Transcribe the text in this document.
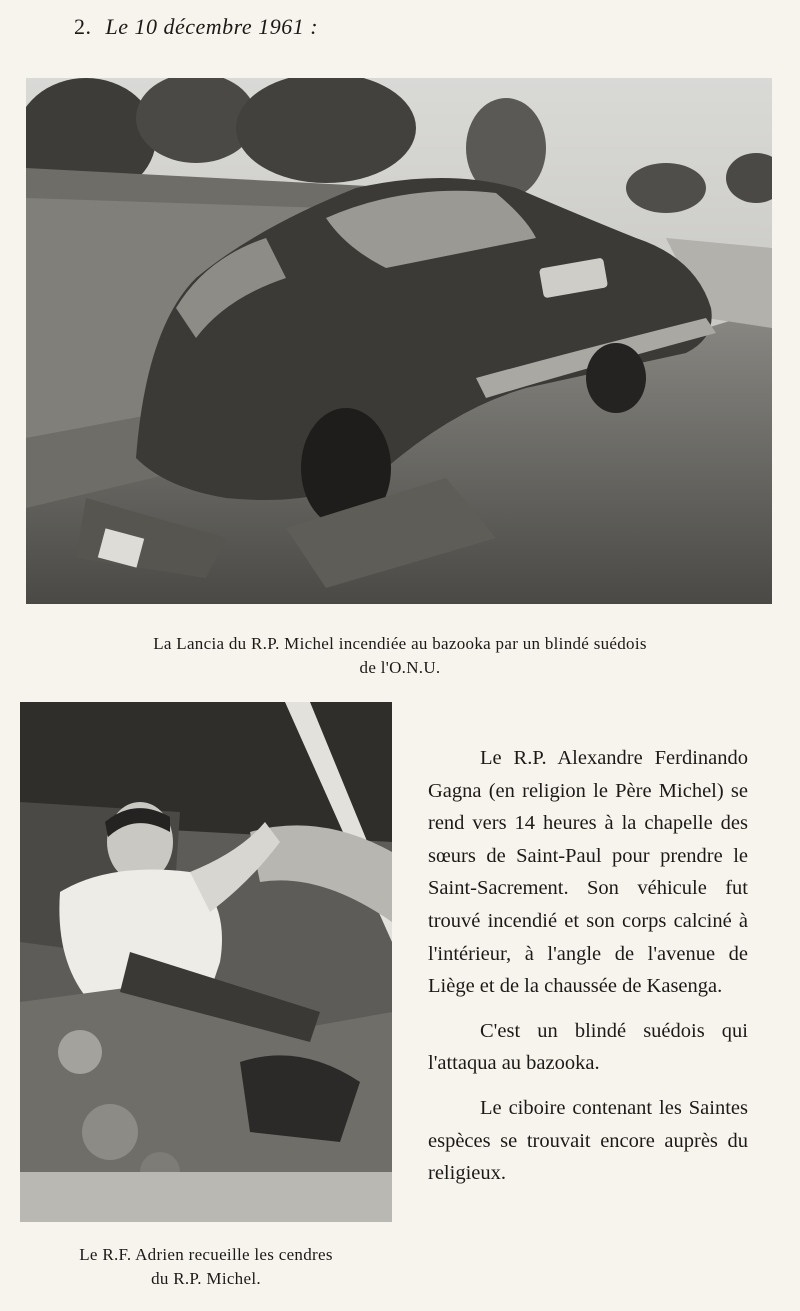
2. Le 10 décembre 1961 :
La Lancia du R.P. Michel incendiée au bazooka par un blindé suédois
de l'O.N.U.
Le R.F. Adrien recueille les cendres
du R.P. Michel.

Le R.P. Alexandre Ferdinando Gagna (en religion le Père Michel) se rend vers 14 heures à la chapelle des sœurs de Saint-Paul pour prendre le Saint-Sacrement. Son véhicule fut trouvé incendié et son corps calciné à l'intérieur, à l'angle de l'avenue de Liège et de la chaussée de Kasenga.

C'est un blindé suédois qui l'attaqua au bazooka.

Le ciboire contenant les Saintes espèces se trouvait encore auprès du religieux.
